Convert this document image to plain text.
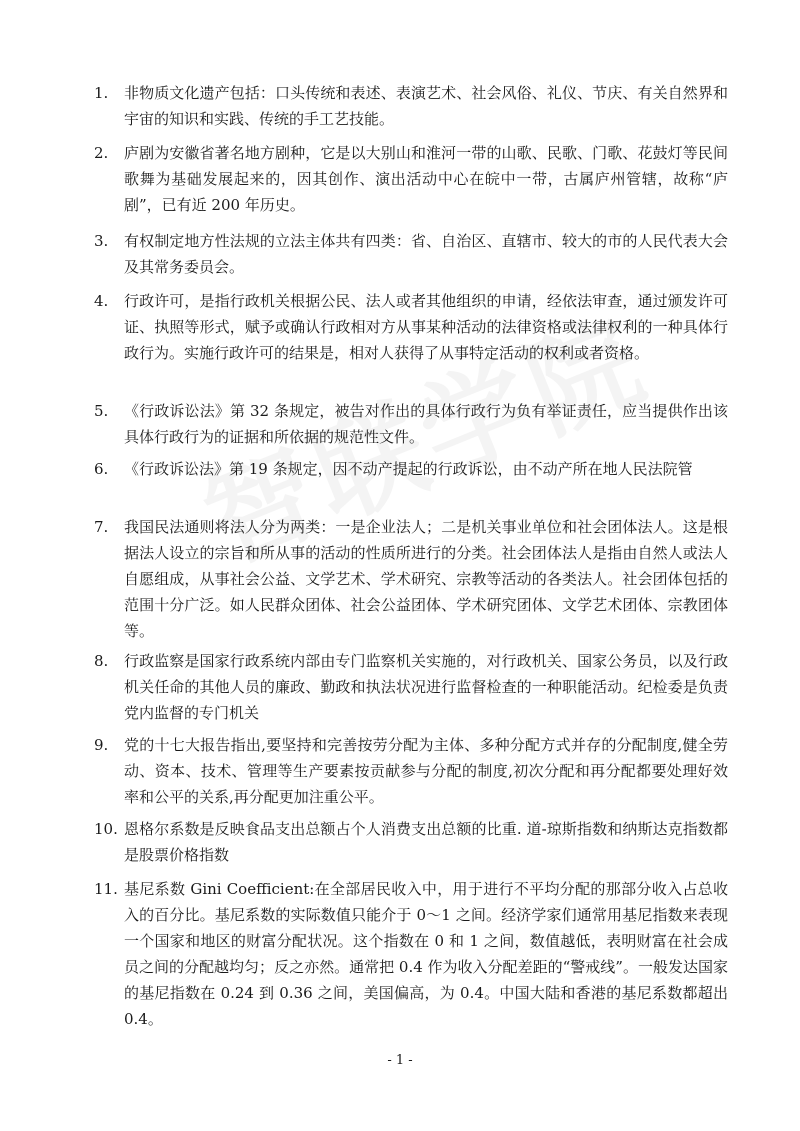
1. 非物质文化遗产包括：口头传统和表述、表演艺术、社会风俗、礼仪、节庆、有关自然界和宇宙的知识和实践、传统的手工艺技能。
2. 庐剧为安徽省著名地方剧种，它是以大别山和淮河一带的山歌、民歌、门歌、花鼓灯等民间歌舞为基础发展起来的，因其创作、演出活动中心在皖中一带，古属庐州管辖，故称“庐剧”，已有近 200 年历史。
3. 有权制定地方性法规的立法主体共有四类：省、自治区、直辖市、较大的市的人民代表大会及其常务委员会。
4. 行政许可，是指行政机关根据公民、法人或者其他组织的申请，经依法审查，通过颁发许可证、执照等形式，赋予或确认行政相对方从事某种活动的法律资格或法律权利的一种具体行政行为。实施行政许可的结果是，相对人获得了从事特定活动的权利或者资格。
5. 《行政诉讼法》第 32 条规定，被告对作出的具体行政行为负有举证责任，应当提供作出该具体行政行为的证据和所依据的规范性文件。
6. 《行政诉讼法》第 19 条规定，因不动产提起的行政诉讼，由不动产所在地人民法院管
7. 我国民法通则将法人分为两类：一是企业法人；二是机关事业单位和社会团体法人。这是根据法人设立的宗旨和所从事的活动的性质所进行的分类。社会团体法人是指由自然人或法人自愿组成，从事社会公益、文学艺术、学术研究、宗教等活动的各类法人。社会团体包括的范围十分广泛。如人民群众团体、社会公益团体、学术研究团体、文学艺术团体、宗教团体等。
8. 行政监察是国家行政系统内部由专门监察机关实施的，对行政机关、国家公务员，以及行政机关任命的其他人员的廉政、勤政和执法状况进行监督检查的一种职能活动。纪检委是负责党内监督的专门机关
9. 党的十七大报告指出,要坚持和完善按劳分配为主体、多种分配方式并存的分配制度,健全劳动、资本、技术、管理等生产要素按贡献参与分配的制度,初次分配和再分配都要处理好效率和公平的关系,再分配更加注重公平。
10. 恩格尔系数是反映食品支出总额占个人消费支出总额的比重. 道-琼斯指数和纳斯达克指数都是股票价格指数
11. 基尼系数 Gini Coefficient:在全部居民收入中，用于进行不平均分配的那部分收入占总收入的百分比。基尼系数的实际数值只能介于 0～1 之间。经济学家们通常用基尼指数来表现一个国家和地区的财富分配状况。这个指数在 0 和 1 之间，数值越低，表明财富在社会成员之间的分配越均匀；反之亦然。通常把 0.4 作为收入分配差距的“警戒线”。一般发达国家的基尼指数在 0.24 到 0.36 之间，美国偏高，为 0.4。中国大陆和香港的基尼系数都超出 0.4。
- 1 -
